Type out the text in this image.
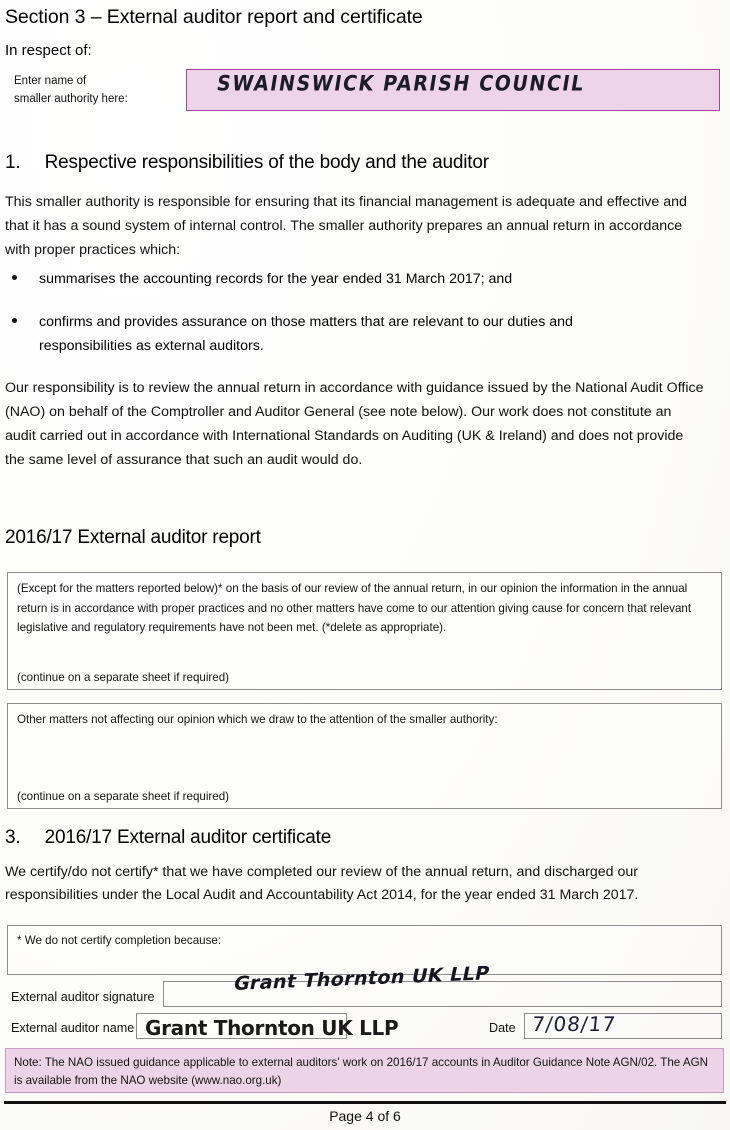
Section 3 – External auditor report and certificate
In respect of:
Enter name of
smaller authority here:
SWAINSWICK PARISH COUNCIL
1. Respective responsibilities of the body and the auditor
This smaller authority is responsible for ensuring that its financial management is adequate and effective and that it has a sound system of internal control. The smaller authority prepares an annual return in accordance with proper practices which:
summarises the accounting records for the year ended 31 March 2017; and
confirms and provides assurance on those matters that are relevant to our duties and responsibilities as external auditors.
Our responsibility is to review the annual return in accordance with guidance issued by the National Audit Office (NAO) on behalf of the Comptroller and Auditor General (see note below). Our work does not constitute an audit carried out in accordance with International Standards on Auditing (UK & Ireland) and does not provide the same level of assurance that such an audit would do.
2016/17 External auditor report
(Except for the matters reported below)* on the basis of our review of the annual return, in our opinion the information in the annual return is in accordance with proper practices and no other matters have come to our attention giving cause for concern that relevant legislative and regulatory requirements have not been met. (*delete as appropriate).
(continue on a separate sheet if required)
Other matters not affecting our opinion which we draw to the attention of the smaller authority:
(continue on a separate sheet if required)
3. 2016/17 External auditor certificate
We certify/do not certify* that we have completed our review of the annual return, and discharged our responsibilities under the Local Audit and Accountability Act 2014, for the year ended 31 March 2017.
* We do not certify completion because:
External auditor signature
Grant Thornton UK LLP
External auditor name Grant Thornton UK LLP	Date 7/08/17
Note: The NAO issued guidance applicable to external auditors' work on 2016/17 accounts in Auditor Guidance Note AGN/02. The AGN is available from the NAO website (www.nao.org.uk)
Page 4 of 6
